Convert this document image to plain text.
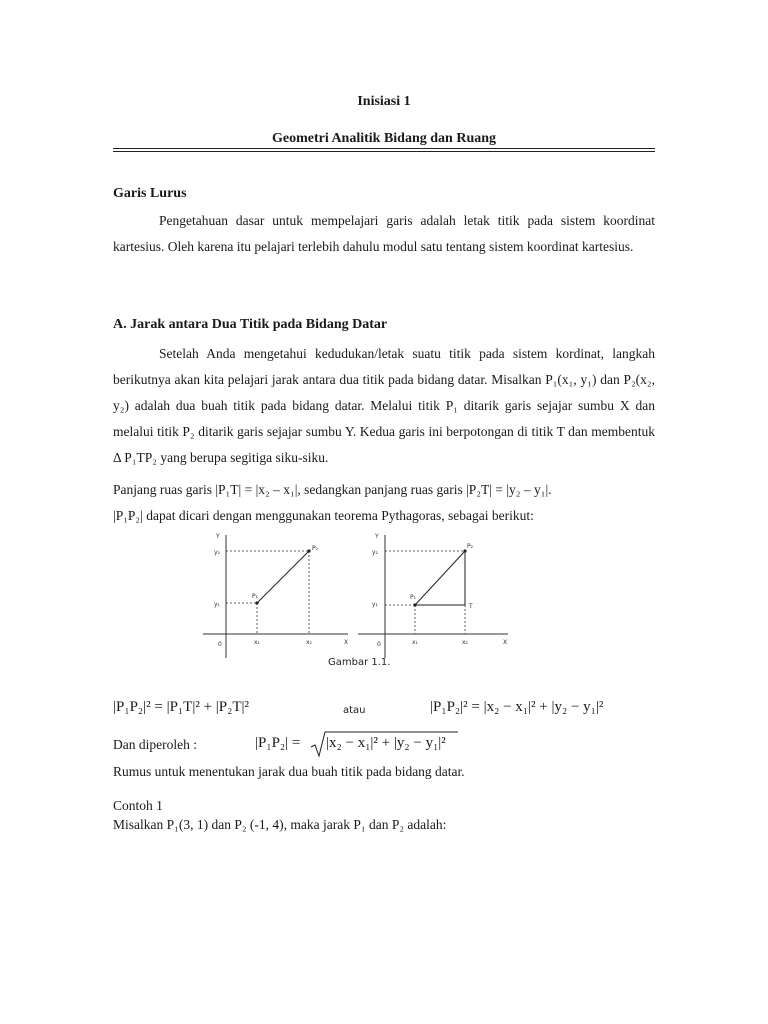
Inisiasi 1
Geometri Analitik Bidang dan Ruang
Garis Lurus
Pengetahuan dasar untuk mempelajari garis adalah letak titik pada sistem koordinat kartesius. Oleh karena itu pelajari terlebih dahulu modul satu tentang sistem koordinat kartesius.
A. Jarak antara Dua Titik pada Bidang Datar
Setelah Anda mengetahui kedudukan/letak suatu titik pada sistem kordinat, langkah berikutnya akan kita pelajari jarak antara dua titik pada bidang datar. Misalkan P₁(x₁, y₁) dan P₂(x₂, y₂) adalah dua buah titik pada bidang datar. Melalui titik P₁ ditarik garis sejajar sumbu X dan melalui titik P₂ ditarik garis sejajar sumbu Y. Kedua garis ini berpotongan di titik T dan membentuk Δ P₁TP₂ yang berupa segitiga siku-siku.
Panjang ruas garis |P₁T| = |x₂ – x₁|, sedangkan panjang ruas garis |P₂T| = |y₂ – y₁|.
|P₁P₂| dapat dicari dengan menggunakan teorema Pythagoras, sebagai berikut:
Y
X
0
y₂
y₁
x₁	x₂
P₁
P₂
Y
X
0
y₂
y₁
x₁	x₂
P₁
P₂
T
Gambar 1.1.
|P₁P₂|² = |P₁T|² + |P₂T|²	atau	|P₁P₂|² = |x₂ − x₁|² + |y₂ − y₁|²
Dan diperoleh :	|P₁P₂| = |x₂ − x₁|² + |y₂ − y₁|²
Rumus untuk menentukan jarak dua buah titik pada bidang datar.
Contoh 1
Misalkan P₁(3, 1) dan P₂ (-1, 4), maka jarak P₁ dan P₂ adalah:
